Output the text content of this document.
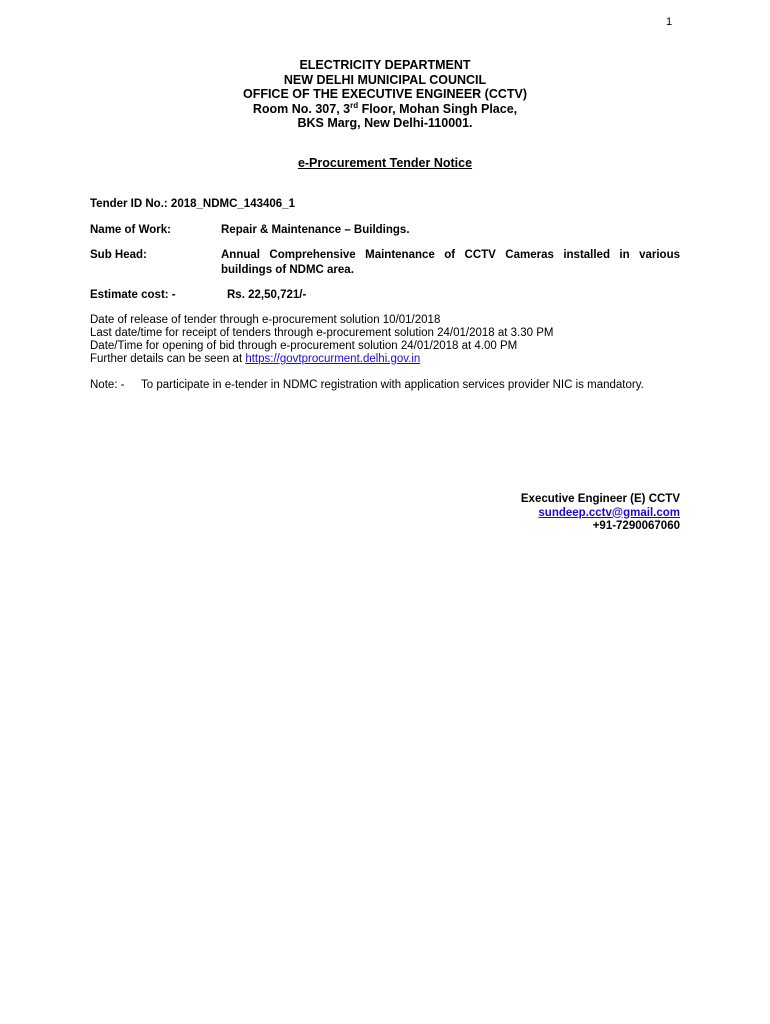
1
ELECTRICITY DEPARTMENT
NEW DELHI MUNICIPAL COUNCIL
OFFICE OF THE EXECUTIVE ENGINEER (CCTV)
Room No. 307, 3rd Floor, Mohan Singh Place,
BKS Marg, New Delhi-110001.
e-Procurement Tender Notice
Tender ID No.: 2018_NDMC_143406_1
Name of Work:	Repair & Maintenance – Buildings.
Sub Head:	Annual Comprehensive Maintenance of CCTV Cameras installed in various buildings of NDMC area.
Estimate cost: -	Rs. 22,50,721/-
Date of release of tender through e-procurement solution 10/01/2018
Last date/time for receipt of tenders through e-procurement solution 24/01/2018 at 3.30 PM
Date/Time for opening of bid through e-procurement solution 24/01/2018 at 4.00 PM
Further details can be seen at https://govtprocurment.delhi.gov.in
Note: - To participate in e-tender in NDMC registration with application services provider NIC is mandatory.
Executive Engineer (E) CCTV
sundeep.cctv@gmail.com
+91-7290067060
